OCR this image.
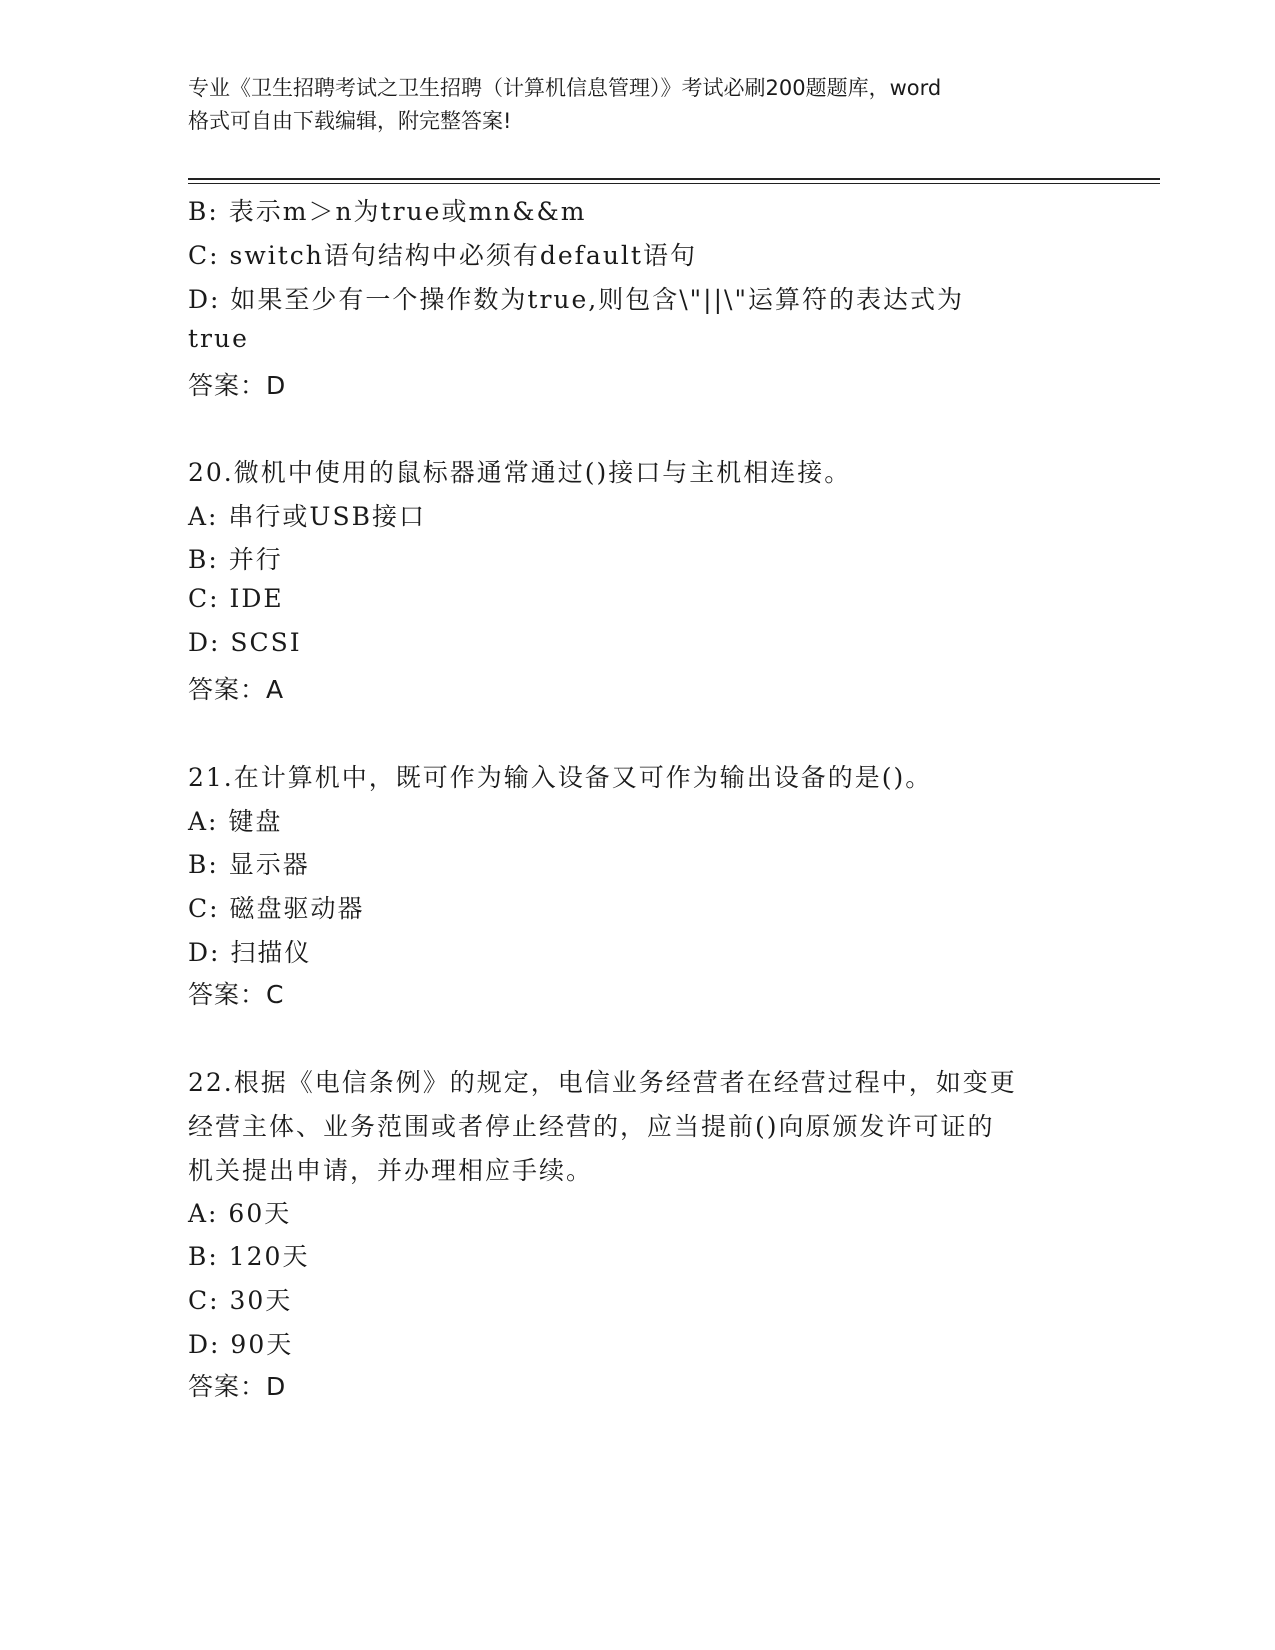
专业《卫生招聘考试之卫生招聘（计算机信息管理）》考试必刷200题题库，word
格式可自由下载编辑，附完整答案!
B: 表示m＞n为true或mn&&m
C: switch语句结构中必须有default语句
D: 如果至少有一个操作数为true,则包含\"||\"运算符的表达式为
true
答案：D
20.微机中使用的鼠标器通常通过()接口与主机相连接。
A: 串行或USB接口
B: 并行
C: IDE
D: SCSI
答案：A
21.在计算机中，既可作为输入设备又可作为输出设备的是()。
A: 键盘
B: 显示器
C: 磁盘驱动器
D: 扫描仪
答案：C
22.根据《电信条例》的规定，电信业务经营者在经营过程中，如变更
经营主体、业务范围或者停止经营的，应当提前()向原颁发许可证的
机关提出申请，并办理相应手续。
A: 60天
B: 120天
C: 30天
D: 90天
答案：D
